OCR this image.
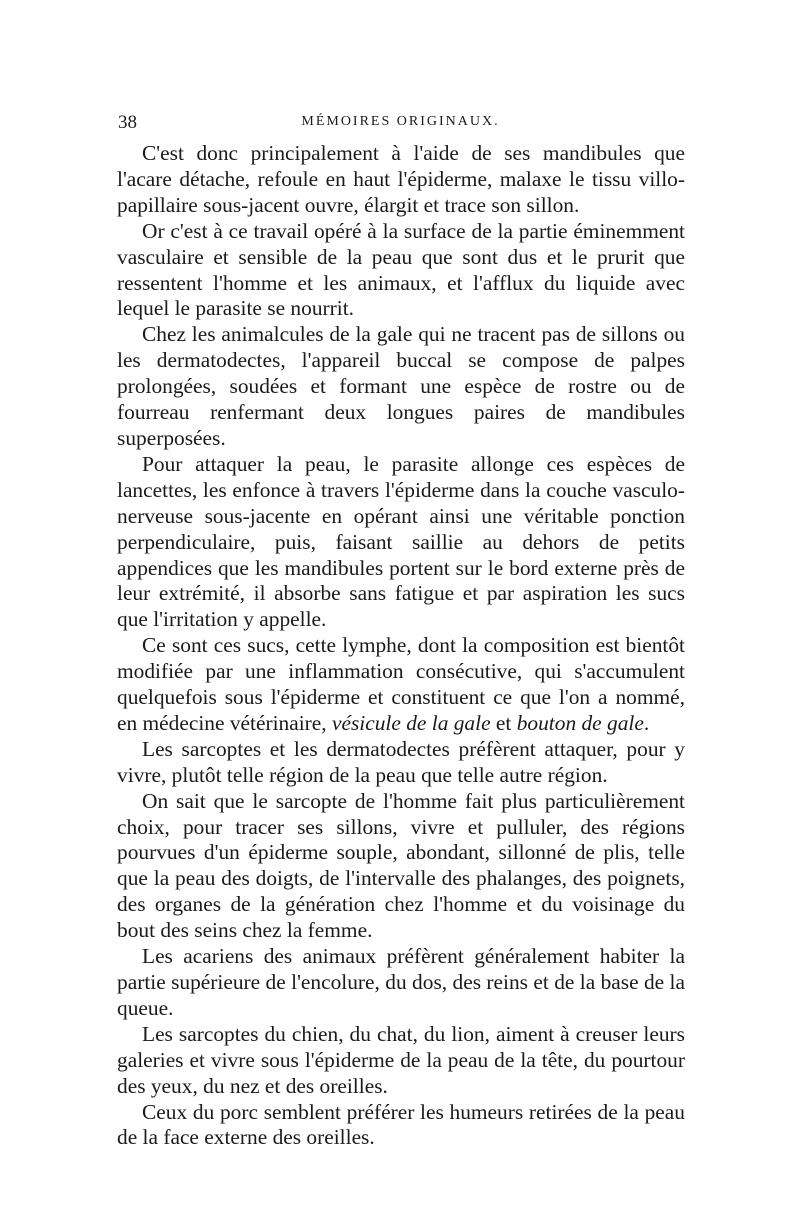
38	MÉMOIRES ORIGINAUX.

C'est donc principalement à l'aide de ses mandibules que l'acare détache, refoule en haut l'épiderme, malaxe le tissu villo-papillaire sous-jacent ouvre, élargit et trace son sillon.

Or c'est à ce travail opéré à la surface de la partie éminemment vasculaire et sensible de la peau que sont dus et le prurit que ressentent l'homme et les animaux, et l'afflux du liquide avec lequel le parasite se nourrit.

Chez les animalcules de la gale qui ne tracent pas de sillons ou les dermatodectes, l'appareil buccal se compose de palpes prolongées, soudées et formant une espèce de rostre ou de fourreau renfermant deux longues paires de mandibules superposées.

Pour attaquer la peau, le parasite allonge ces espèces de lancettes, les enfonce à travers l'épiderme dans la couche vasculo-nerveuse sous-jacente en opérant ainsi une véritable ponction perpendiculaire, puis, faisant saillie au dehors de petits appendices que les mandibules portent sur le bord externe près de leur extrémité, il absorbe sans fatigue et par aspiration les sucs que l'irritation y appelle.

Ce sont ces sucs, cette lymphe, dont la composition est bientôt modifiée par une inflammation consécutive, qui s'accumulent quelquefois sous l'épiderme et constituent ce que l'on a nommé, en médecine vétérinaire, vésicule de la gale et bouton de gale.

Les sarcoptes et les dermatodectes préfèrent attaquer, pour y vivre, plutôt telle région de la peau que telle autre région.

On sait que le sarcopte de l'homme fait plus particulièrement choix, pour tracer ses sillons, vivre et pulluler, des régions pourvues d'un épiderme souple, abondant, sillonné de plis, telle que la peau des doigts, de l'intervalle des phalanges, des poignets, des organes de la génération chez l'homme et du voisinage du bout des seins chez la femme.

Les acariens des animaux préfèrent généralement habiter la partie supérieure de l'encolure, du dos, des reins et de la base de la queue.

Les sarcoptes du chien, du chat, du lion, aiment à creuser leurs galeries et vivre sous l'épiderme de la peau de la tête, du pourtour des yeux, du nez et des oreilles.

Ceux du porc semblent préférer les humeurs retirées de la peau de la face externe des oreilles.
